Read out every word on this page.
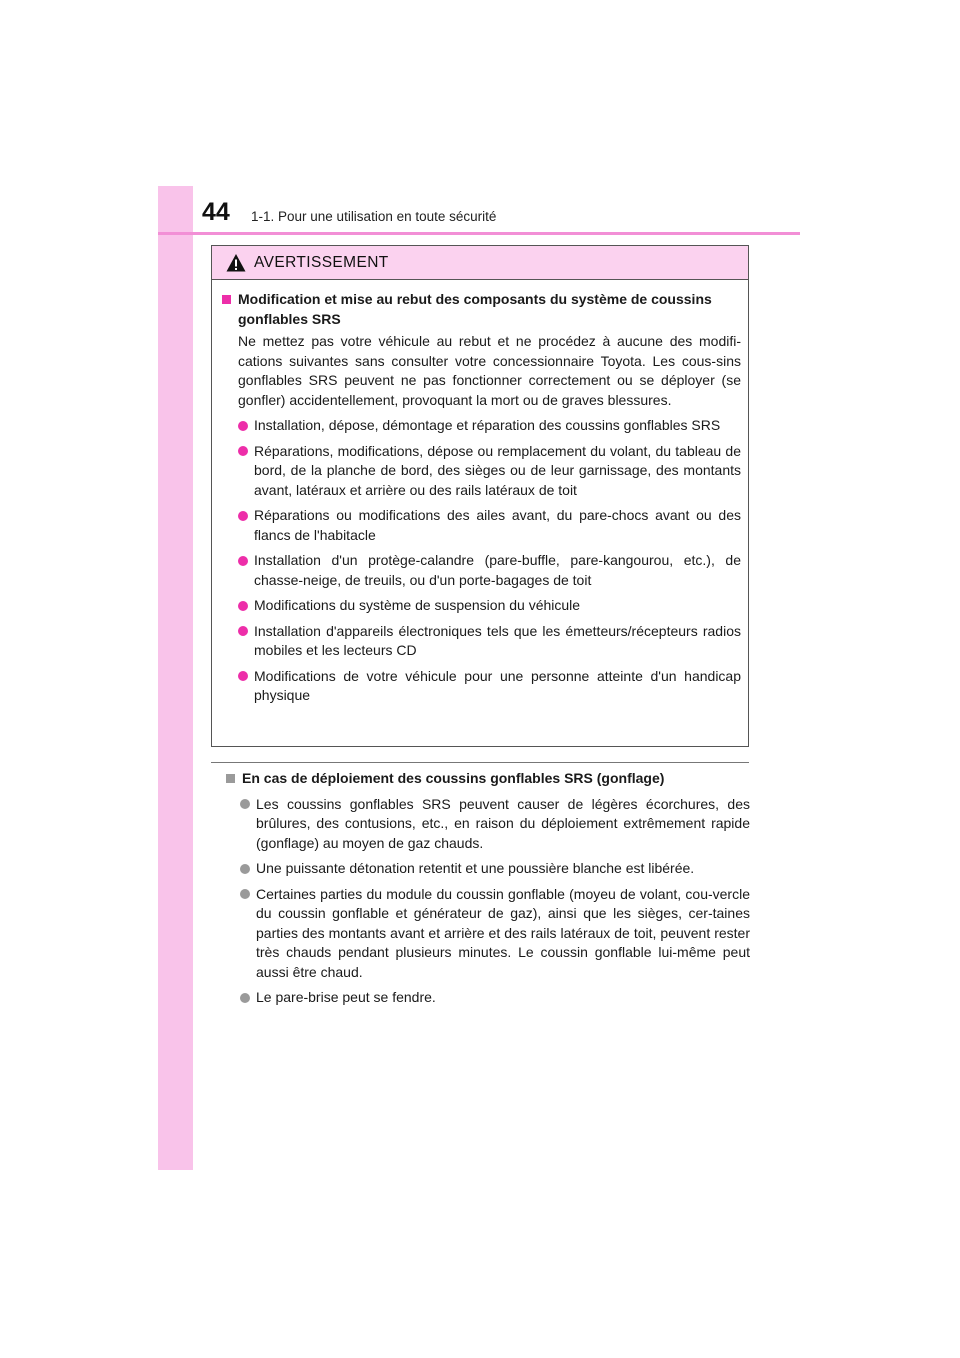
44 1-1. Pour une utilisation en toute sécurité
AVERTISSEMENT
Modification et mise au rebut des composants du système de coussins gonflables SRS
Ne mettez pas votre véhicule au rebut et ne procédez à aucune des modifi-cations suivantes sans consulter votre concessionnaire Toyota. Les cous-sins gonflables SRS peuvent ne pas fonctionner correctement ou se déployer (se gonfler) accidentellement, provoquant la mort ou de graves blessures.
Installation, dépose, démontage et réparation des coussins gonflables SRS
Réparations, modifications, dépose ou remplacement du volant, du tableau de bord, de la planche de bord, des sièges ou de leur garnissage, des montants avant, latéraux et arrière ou des rails latéraux de toit
Réparations ou modifications des ailes avant, du pare-chocs avant ou des flancs de l'habitacle
Installation d'un protège-calandre (pare-buffle, pare-kangourou, etc.), de chasse-neige, de treuils, ou d'un porte-bagages de toit
Modifications du système de suspension du véhicule
Installation d'appareils électroniques tels que les émetteurs/récepteurs radios mobiles et les lecteurs CD
Modifications de votre véhicule pour une personne atteinte d'un handicap physique
En cas de déploiement des coussins gonflables SRS (gonflage)
Les coussins gonflables SRS peuvent causer de légères écorchures, des brûlures, des contusions, etc., en raison du déploiement extrêmement rapide (gonflage) au moyen de gaz chauds.
Une puissante détonation retentit et une poussière blanche est libérée.
Certaines parties du module du coussin gonflable (moyeu de volant, cou-vercle du coussin gonflable et générateur de gaz), ainsi que les sièges, cer-taines parties des montants avant et arrière et des rails latéraux de toit, peuvent rester très chauds pendant plusieurs minutes. Le coussin gonflable lui-même peut aussi être chaud.
Le pare-brise peut se fendre.
